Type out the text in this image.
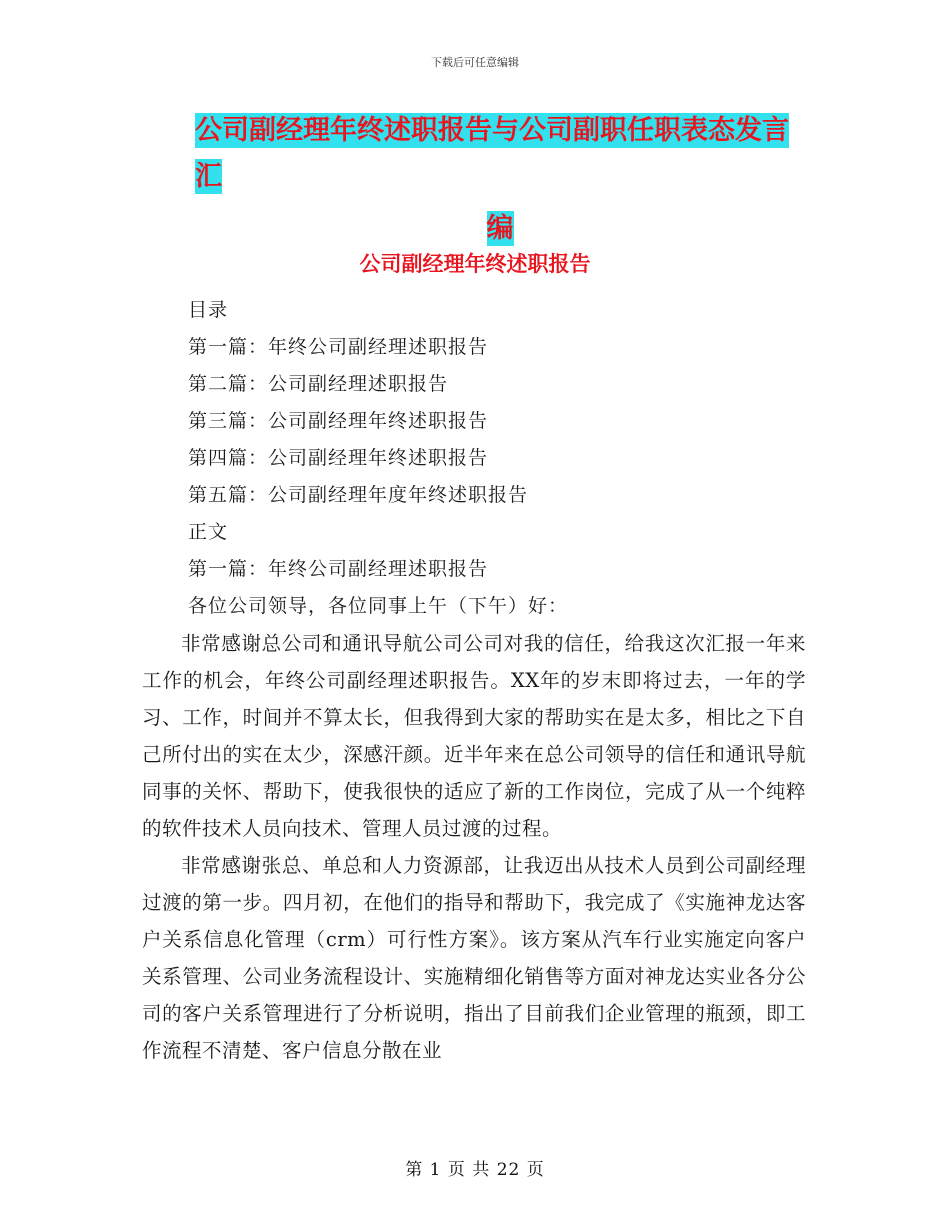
下载后可任意编辑
公司副经理年终述职报告与公司副职任职表态发言汇
编
公司副经理年终述职报告
目录
第一篇：年终公司副经理述职报告
第二篇：公司副经理述职报告
第三篇：公司副经理年终述职报告
第四篇：公司副经理年终述职报告
第五篇：公司副经理年度年终述职报告
正文
第一篇：年终公司副经理述职报告
各位公司领导，各位同事上午（下午）好：

非常感谢总公司和通讯导航公司公司对我的信任，给我这次汇报一年来工作的机会，年终公司副经理述职报告。XX年的岁末即将过去，一年的学习、工作，时间并不算太长，但我得到大家的帮助实在是太多，相比之下自己所付出的实在太少，深感汗颜。近半年来在总公司领导的信任和通讯导航同事的关怀、帮助下，使我很快的适应了新的工作岗位，完成了从一个纯粹的软件技术人员向技术、管理人员过渡的过程。

非常感谢张总、单总和人力资源部，让我迈出从技术人员到公司副经理过渡的第一步。四月初，在他们的指导和帮助下，我完成了《实施神龙达客户关系信息化管理（crm）可行性方案》。该方案从汽车行业实施定向客户关系管理、公司业务流程设计、实施精细化销售等方面对神龙达实业各分公司的客户关系管理进行了分析说明，指出了目前我们企业管理的瓶颈，即工作流程不清楚、客户信息分散在业

第 1 页 共 22 页
